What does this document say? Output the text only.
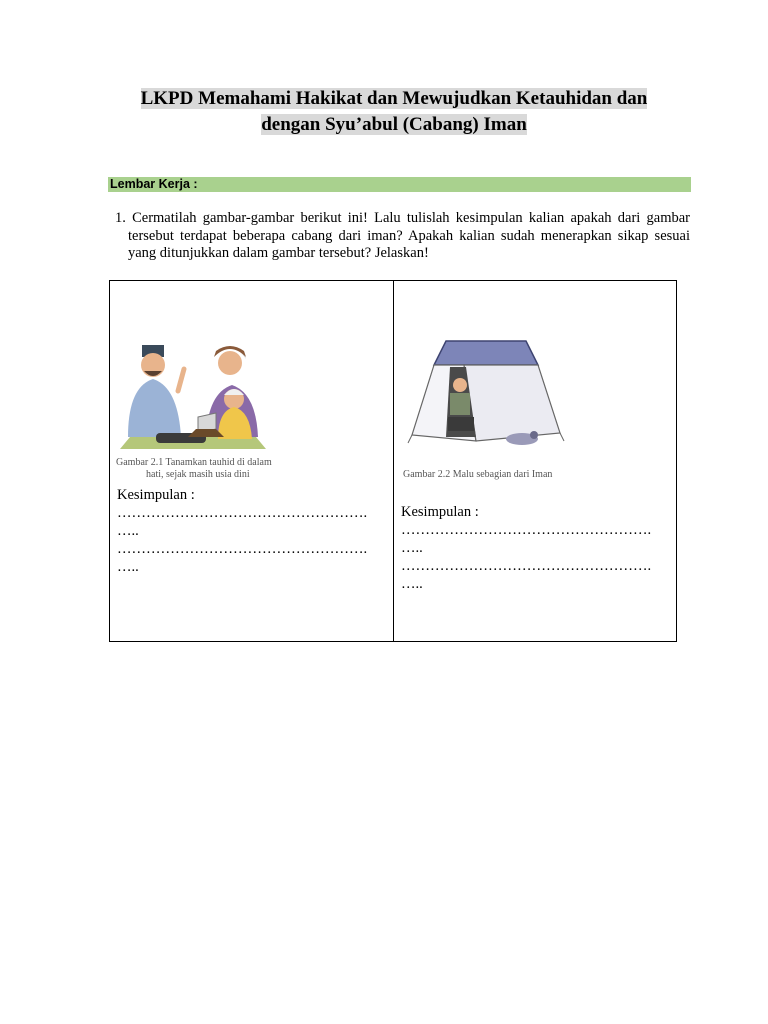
LKPD Memahami Hakikat dan Mewujudkan Ketauhidan dan
dengan Syu’abul (Cabang) Iman
Lembar Kerja :
1. Cermatilah gambar-gambar berikut ini! Lalu tulislah kesimpulan kalian apakah dari gambar tersebut terdapat beberapa cabang dari iman? Apakah kalian sudah menerapkan sikap sesuai yang ditunjukkan dalam gambar tersebut? Jelaskan!
Gambar 2.1 Tanamkan tauhid di dalam
hati, sejak masih usia dini
Kesimpulan :
…………………………………………….
…..
…………………………………………….
…..
Gambar 2.2 Malu sebagian dari Iman
Kesimpulan :
…………………………………………….
…..
…………………………………………….
…..
